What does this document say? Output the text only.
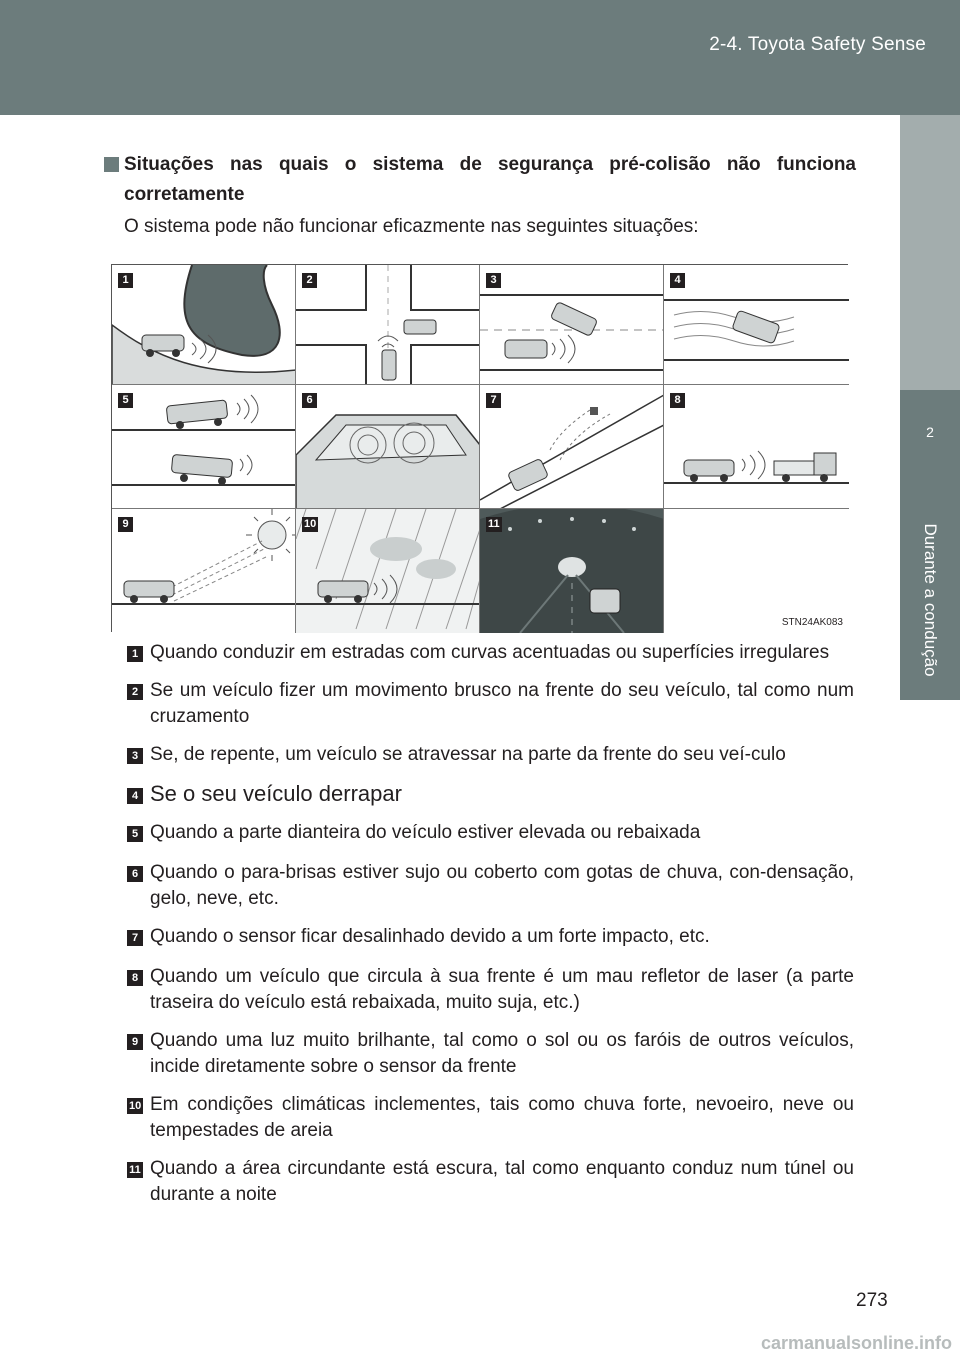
2-4. Toyota Safety Sense
2
Durante a condução
Situações nas quais o sistema de segurança pré-colisão não funciona corretamente
O sistema pode não funcionar eficazmente nas seguintes situações:
1	2	3	4
5	6	7	8
9	10	11
STN24AK083
1 Quando conduzir em estradas com curvas acentuadas ou superfícies irregulares
2 Se um veículo fizer um movimento brusco na frente do seu veículo, tal como num cruzamento
3 Se, de repente, um veículo se atravessar na parte da frente do seu veí-culo
4 Se o seu veículo derrapar
5 Quando a parte dianteira do veículo estiver elevada ou rebaixada
6 Quando o para-brisas estiver sujo ou coberto com gotas de chuva, con-densação, gelo, neve, etc.
7 Quando o sensor ficar desalinhado devido a um forte impacto, etc.
8 Quando um veículo que circula à sua frente é um mau refletor de laser (a parte traseira do veículo está rebaixada, muito suja, etc.)
9 Quando uma luz muito brilhante, tal como o sol ou os faróis de outros veículos, incide diretamente sobre o sensor da frente
10 Em condições climáticas inclementes, tais como chuva forte, nevoeiro, neve ou tempestades de areia
11 Quando a área circundante está escura, tal como enquanto conduz num túnel ou durante a noite
273
carmanualsonline.info
